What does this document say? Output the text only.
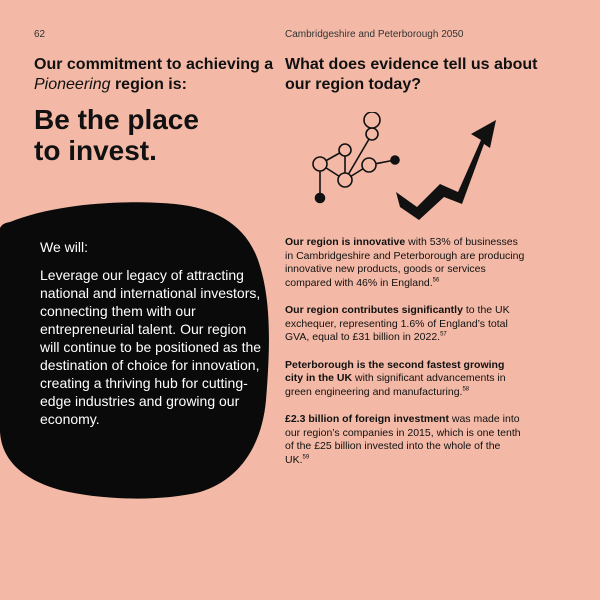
62	Cambridgeshire and Peterborough 2050
Our commitment to achieving a
Pioneering region is:
Be the place
to invest.
What does evidence tell us about our region today?
We will:
Leverage our legacy of attracting national and international investors, connecting them with our entrepreneurial talent. Our region will continue to be positioned as the destination of choice for innovation, creating a thriving hub for cutting-edge industries and growing our economy.

Our region is innovative with 53% of businesses in Cambridgeshire and Peterborough are producing innovative new products, goods or services compared with 46% in England.$^{56}$

Our region contributes significantly to the UK exchequer, representing 1.6% of England’s total GVA, equal to £31 billion in 2022.57

Peterborough is the second fastest growing city in the UK with significant advancements in green engineering and manufacturing.$^{58}$

£2.3 billion of foreign investment was made into our region’s companies in 2015, which is one tenth of the £25 billion invested into the whole of the UK.$^{59}$
